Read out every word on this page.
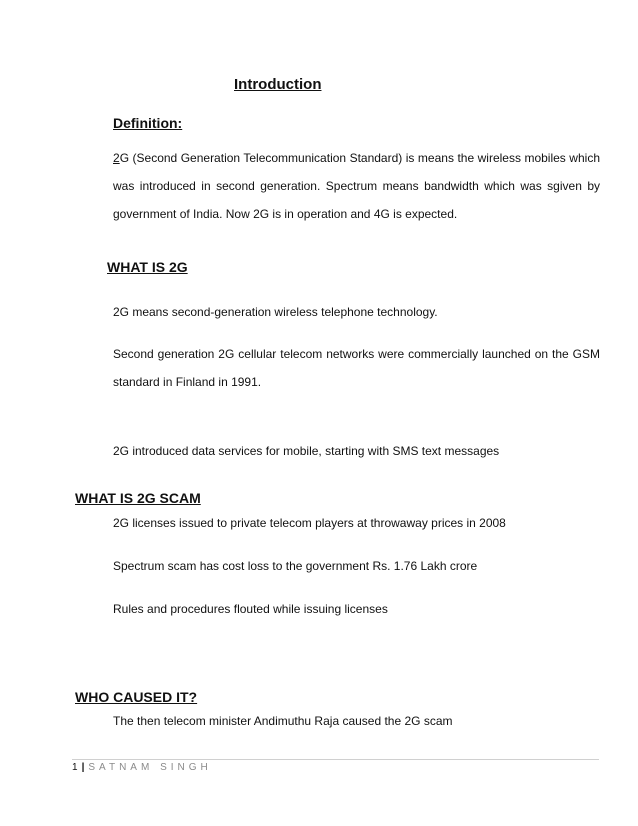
Introduction
Definition:
2G (Second Generation Telecommunication Standard) is means the wireless mobiles which was introduced in second generation. Spectrum means bandwidth which was sgiven by government of India. Now 2G is in operation and 4G is expected.
WHAT IS 2G
2G means second-generation wireless telephone technology.
Second generation 2G cellular telecom networks were commercially launched on the GSM standard in Finland in 1991.
2G introduced data services for mobile, starting with SMS text messages
WHAT IS 2G SCAM
2G licenses issued to private telecom players at throwaway prices in 2008
Spectrum scam has cost loss to the government Rs. 1.76 Lakh crore
Rules and procedures flouted while issuing licenses
WHO CAUSED IT?
The then telecom minister Andimuthu Raja caused the 2G scam
1 | SATNAM SINGH
